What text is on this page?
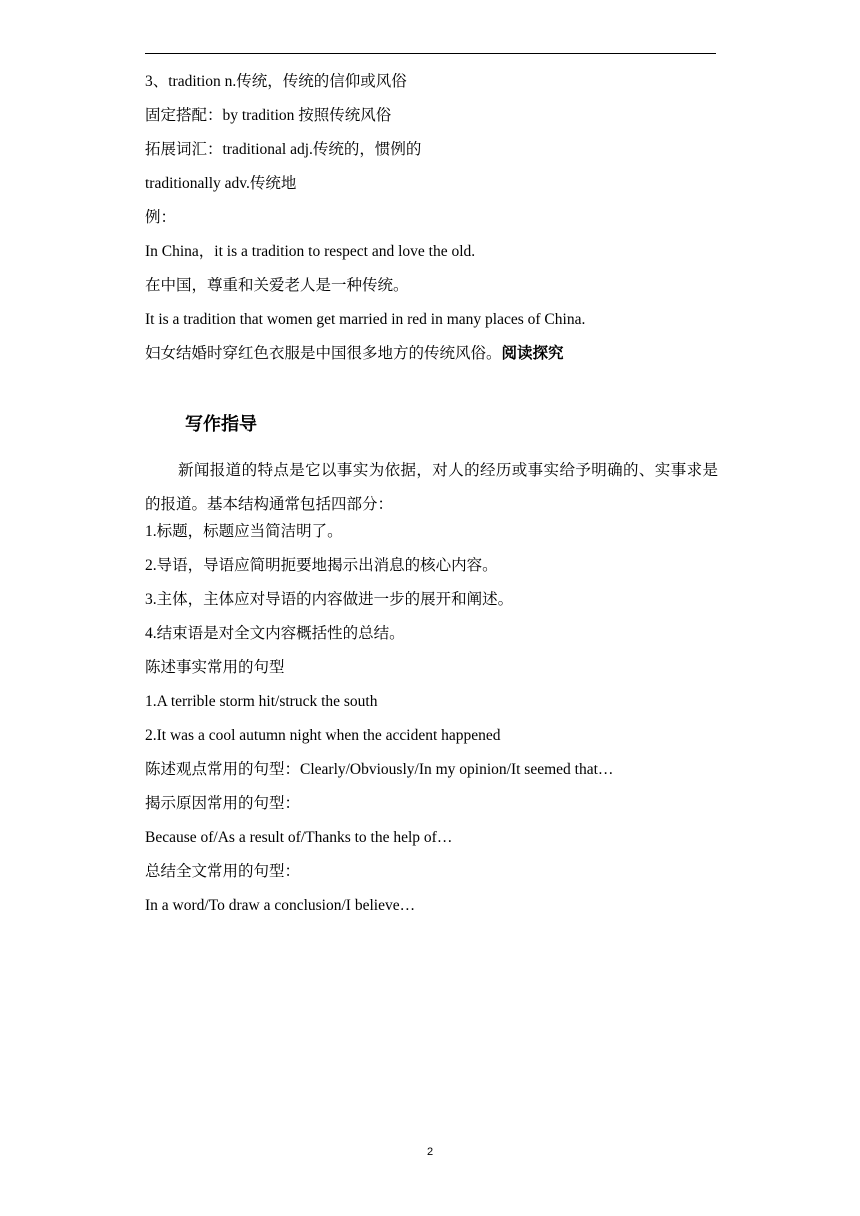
3、tradition n.传统，传统的信仰或风俗
固定搭配：by tradition 按照传统风俗
拓展词汇：traditional adj.传统的，惯例的
traditionally adv.传统地
例：
In China，it is a tradition to respect and love the old.
在中国，尊重和关爱老人是一种传统。
It is a tradition that women get married in red in many places of China.
妇女结婚时穿红色衣服是中国很多地方的传统风俗。阅读探究
写作指导
新闻报道的特点是它以事实为依据，对人的经历或事实给予明确的、实事求是的报道。基本结构通常包括四部分：
1.标题，标题应当简洁明了。
2.导语，导语应简明扼要地揭示出消息的核心内容。
3.主体，主体应对导语的内容做进一步的展开和阐述。
4.结束语是对全文内容概括性的总结。
陈述事实常用的句型
1.A terrible storm hit/struck the south
2.It was a cool autumn night when the accident happened
陈述观点常用的句型：Clearly/Obviously/In my opinion/It seemed that…
揭示原因常用的句型：
Because of/As a result of/Thanks to the help of…
总结全文常用的句型：
In a word/To draw a conclusion/I believe…
2
